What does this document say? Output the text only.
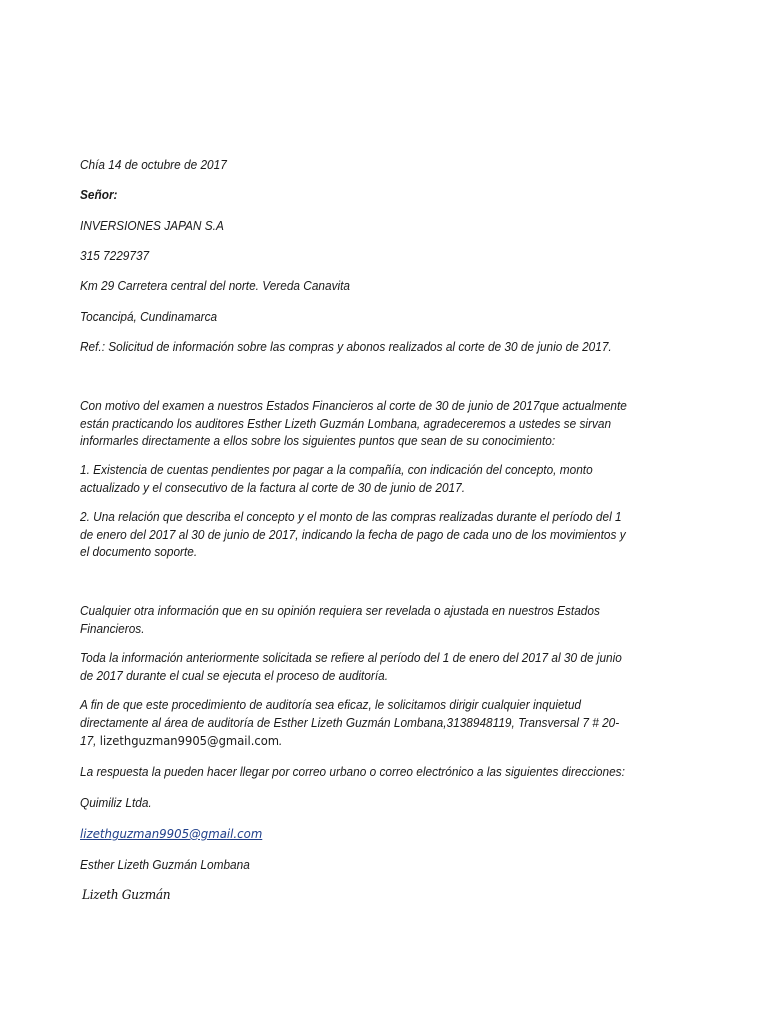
Chía 14 de octubre de 2017

Señor:

INVERSIONES JAPAN S.A

315 7229737

Km 29 Carretera central del norte. Vereda Canavita

Tocancipá, Cundinamarca

Ref.: Solicitud de información sobre las compras y abonos realizados al corte de 30 de junio de 2017.

Con motivo del examen a nuestros Estados Financieros al corte de 30 de junio de 2017que actualmente

están practicando los auditores Esther Lizeth Guzmán Lombana, agradeceremos a ustedes se sirvan

informarles directamente a ellos sobre los siguientes puntos que sean de su conocimiento:

1. Existencia de cuentas pendientes por pagar a la compañía, con indicación del concepto, monto

actualizado y el consecutivo de la factura al corte de 30 de junio de 2017.

2. Una relación que describa el concepto y el monto de las compras realizadas durante el período del 1

de enero del 2017 al 30 de junio de 2017, indicando la fecha de pago de cada uno de los movimientos y

el documento soporte.

Cualquier otra información que en su opinión requiera ser revelada o ajustada en nuestros Estados

Financieros.

Toda la información anteriormente solicitada se refiere al período del 1 de enero del 2017 al 30 de junio

de 2017 durante el cual se ejecuta el proceso de auditoría.

A fin de que este procedimiento de auditoría sea eficaz, le solicitamos dirigir cualquier inquietud

directamente al área de auditoría de Esther Lizeth Guzmán Lombana,3138948119, Transversal 7 # 20-

17, lizethguzman9905@gmail.com.

La respuesta la pueden hacer llegar por correo urbano o correo electrónico a las siguientes direcciones:

Quimiliz Ltda.

lizethguzman9905@gmail.com

Esther Lizeth Guzmán Lombana

Lizeth Guzmán
